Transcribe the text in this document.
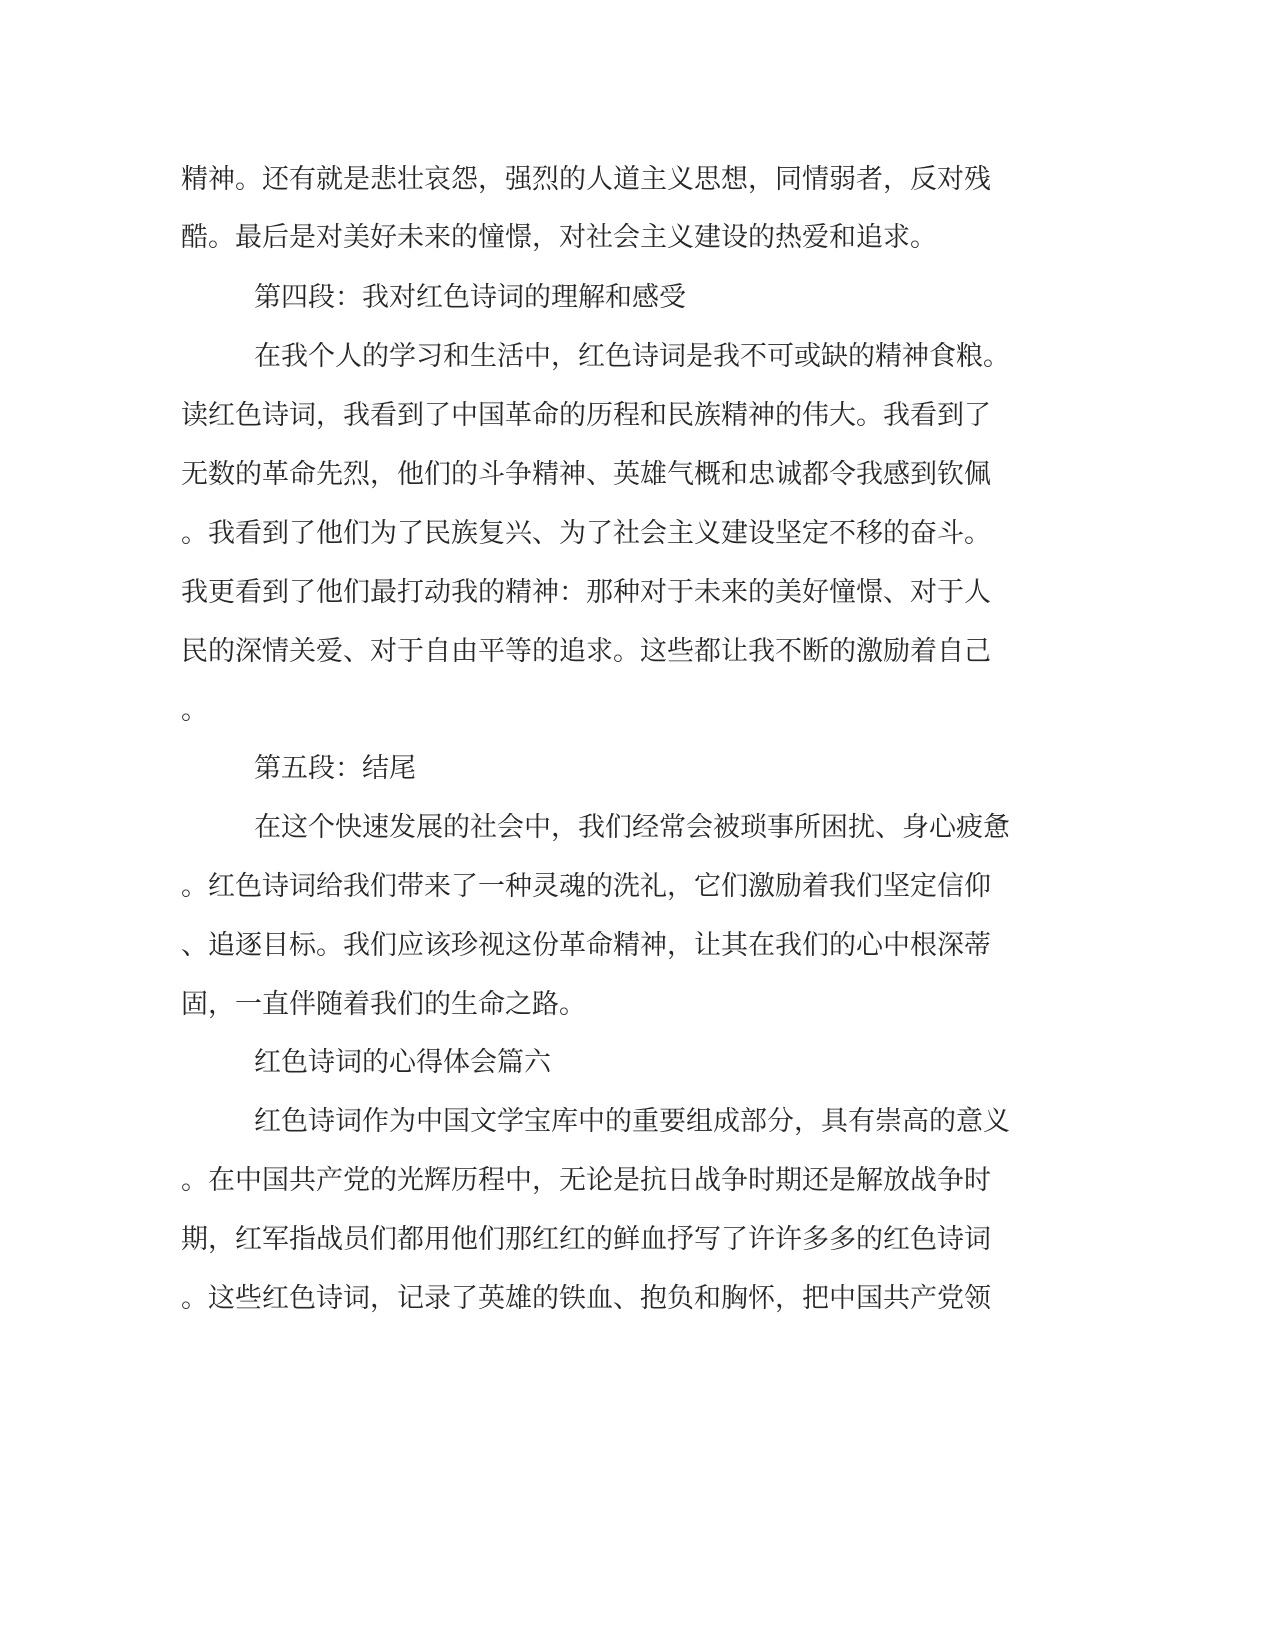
精神。还有就是悲壮哀怨，强烈的人道主义思想，同情弱者，反对残
酷。最后是对美好未来的憧憬，对社会主义建设的热爱和追求。
第四段：我对红色诗词的理解和感受
在我个人的学习和生活中，红色诗词是我不可或缺的精神食粮。
读红色诗词，我看到了中国革命的历程和民族精神的伟大。我看到了
无数的革命先烈，他们的斗争精神、英雄气概和忠诚都令我感到钦佩
。我看到了他们为了民族复兴、为了社会主义建设坚定不移的奋斗。
我更看到了他们最打动我的精神：那种对于未来的美好憧憬、对于人
民的深情关爱、对于自由平等的追求。这些都让我不断的激励着自己
。
第五段：结尾
在这个快速发展的社会中，我们经常会被琐事所困扰、身心疲惫
。红色诗词给我们带来了一种灵魂的洗礼，它们激励着我们坚定信仰
、追逐目标。我们应该珍视这份革命精神，让其在我们的心中根深蒂
固，一直伴随着我们的生命之路。
红色诗词的心得体会篇六
红色诗词作为中国文学宝库中的重要组成部分，具有崇高的意义
。在中国共产党的光辉历程中，无论是抗日战争时期还是解放战争时
期，红军指战员们都用他们那红红的鲜血抒写了许许多多的红色诗词
。这些红色诗词，记录了英雄的铁血、抱负和胸怀，把中国共产党领
